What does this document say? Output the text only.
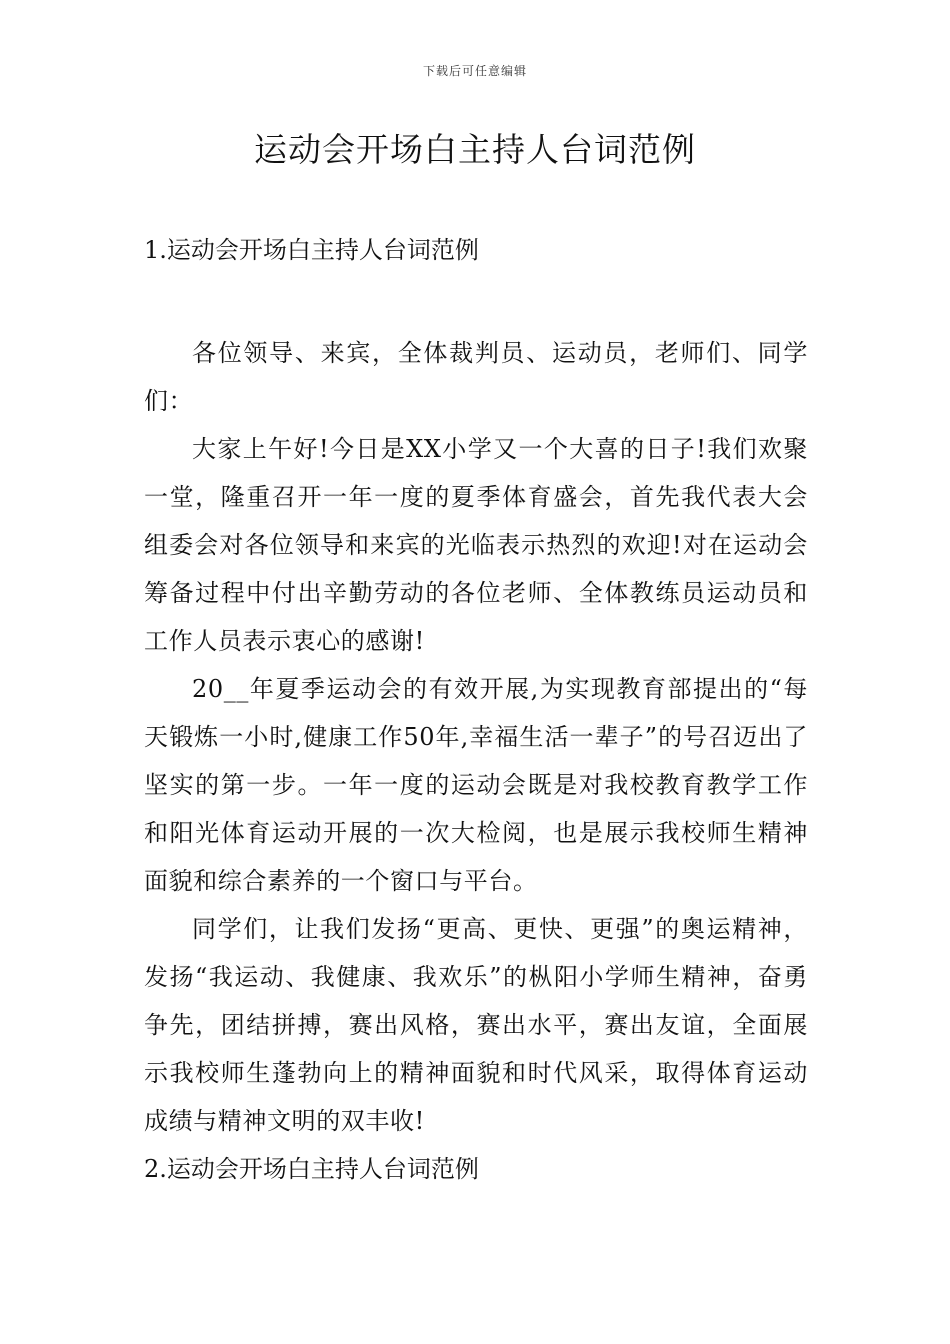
下载后可任意编辑
运动会开场白主持人台词范例
1.运动会开场白主持人台词范例

各位领导、来宾，全体裁判员、运动员，老师们、同学们：

大家上午好!今日是XX小学又一个大喜的日子!我们欢聚一堂，隆重召开一年一度的夏季体育盛会，首先我代表大会组委会对各位领导和来宾的光临表示热烈的欢迎!对在运动会筹备过程中付出辛勤劳动的各位老师、全体教练员运动员和工作人员表示衷心的感谢!

20__年夏季运动会的有效开展,为实现教育部提出的“每天锻炼一小时,健康工作50年,幸福生活一辈子”的号召迈出了坚实的第一步。一年一度的运动会既是对我校教育教学工作和阳光体育运动开展的一次大检阅，也是展示我校师生精神面貌和综合素养的一个窗口与平台。

同学们，让我们发扬“更高、更快、更强”的奥运精神，发扬“我运动、我健康、我欢乐”的枞阳小学师生精神，奋勇争先，团结拼搏，赛出风格，赛出水平，赛出友谊，全面展示我校师生蓬勃向上的精神面貌和时代风采，取得体育运动成绩与精神文明的双丰收!

2.运动会开场白主持人台词范例
